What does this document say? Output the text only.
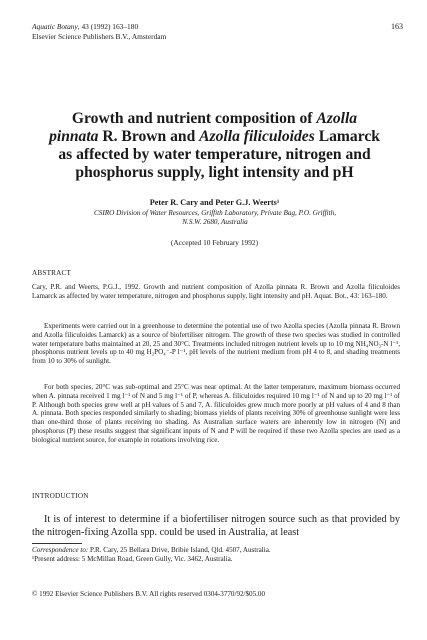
Aquatic Botany, 43 (1992) 163–180
Elsevier Science Publishers B.V., Amsterdam
163
Growth and nutrient composition of Azolla
pinnata R. Brown and Azolla filiculoides Lamarck
as affected by water temperature, nitrogen and
phosphorus supply, light intensity and pH
Peter R. Cary and Peter G.J. Weerts¹
CSIRO Division of Water Resources, Griffith Laboratory, Private Bag, P.O. Griffith,
N.S.W. 2680, Australia
(Accepted 10 February 1992)
ABSTRACT
Cary, P.R. and Weerts, P.G.J., 1992. Growth and nutrient composition of Azolla pinnata R. Brown and Azolla filiculoides Lamarck as affected by water temperature, nitrogen and phosphorus supply, light intensity and pH. Aquat. Bot., 43: 163–180.
Experiments were carried out in a greenhouse to determine the potential use of two Azolla species (Azolla pinnata R. Brown and Azolla filiculoides Lamarck) as a source of biofertiliser nitrogen. The growth of these two species was studied in controlled water temperature baths maintained at 20, 25 and 30°C. Treatments included nitrogen nutrient levels up to 10 mg NH₄NO₃-N l⁻¹, phosphorus nutrient levels up to 40 mg H₂PO₄⁻-P l⁻¹, pH levels of the nutrient medium from pH 4 to 8, and shading treatments from 10 to 30% of sunlight.
For both species, 20°C was sub-optimal and 25°C was near optimal. At the latter temperature, maximum biomass occurred when A. pinnata received 1 mg l⁻¹ of N and 5 mg l⁻¹ of P, whereas A. filiculoides required 10 mg l⁻¹ of N and up to 20 mg l⁻¹ of P. Although both species grew well at pH values of 5 and 7, A. filiculoides grew much more poorly at pH values of 4 and 8 than A. pinnata. Both species responded similarly to shading; biomass yields of plants receiving 30% of greenhouse sunlight were less than one-third those of plants receiving no shading. As Australian surface waters are inherently low in nitrogen (N) and phosphorus (P) these results suggest that significant inputs of N and P will be required if these two Azolla species are used as a biological nutrient source, for example in rotations involving rice.
INTRODUCTION
It is of interest to determine if a biofertiliser nitrogen source such as that provided by the nitrogen-fixing Azolla spp. could be used in Australia, at least
Correspondence to: P.R. Cary, 25 Bellara Drive, Bribie Island, Qld. 4507, Australia.
¹Present address: 5 McMillan Road, Green Gully, Vic. 3462, Australia.
© 1992 Elsevier Science Publishers B.V. All rights reserved 0304-3770/92/$05.00
